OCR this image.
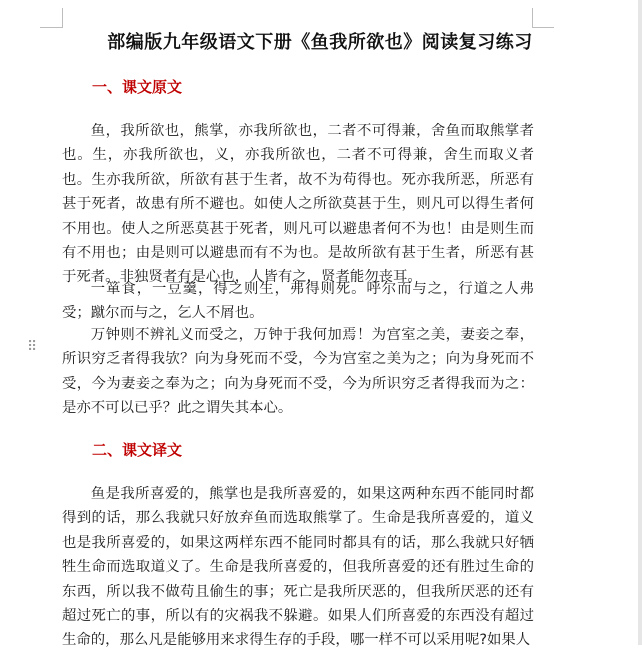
⠿
部编版九年级语文下册《鱼我所欲也》阅读复习练习
一、课文原文

鱼，我所欲也，熊掌，亦我所欲也，二者不可得兼，舍鱼而取熊掌者也。生，亦我所欲也，义，亦我所欲也，二者不可得兼，舍生而取义者也。生亦我所欲，所欲有甚于生者，故不为苟得也。死亦我所恶，所恶有甚于死者，故患有所不避也。如使人之所欲莫甚于生，则凡可以得生者何不用也。使人之所恶莫甚于死者，则凡可以避患者何不为也！由是则生而有不用也；由是则可以避患而有不为也。是故所欲有甚于生者，所恶有甚于死者。非独贤者有是心也，人皆有之，贤者能勿丧耳。

一箪食，一豆羹，得之则生，弗得则死。呼尔而与之，行道之人弗受；蹴尔而与之，乞人不屑也。

万钟则不辨礼义而受之，万钟于我何加焉！为宫室之美，妻妾之奉，所识穷乏者得我欤？向为身死而不受，今为宫室之美为之；向为身死而不受，今为妻妾之奉为之；向为身死而不受，今为所识穷乏者得我而为之：是亦不可以已乎？此之谓失其本心。

二、课文译文

鱼是我所喜爱的，熊掌也是我所喜爱的，如果这两种东西不能同时都得到的话，那么我就只好放弃鱼而选取熊掌了。生命是我所喜爱的，道义也是我所喜爱的，如果这两样东西不能同时都具有的话，那么我就只好牺牲生命而选取道义了。生命是我所喜爱的，但我所喜爱的还有胜过生命的东西，所以我不做苟且偷生的事；死亡是我所厌恶的，但我所厌恶的还有超过死亡的事，所以有的灾祸我不躲避。如果人们所喜爱的东西没有超过生命的，那么凡是能够用来求得生存的手段，哪一样不可以采用呢?如果人
